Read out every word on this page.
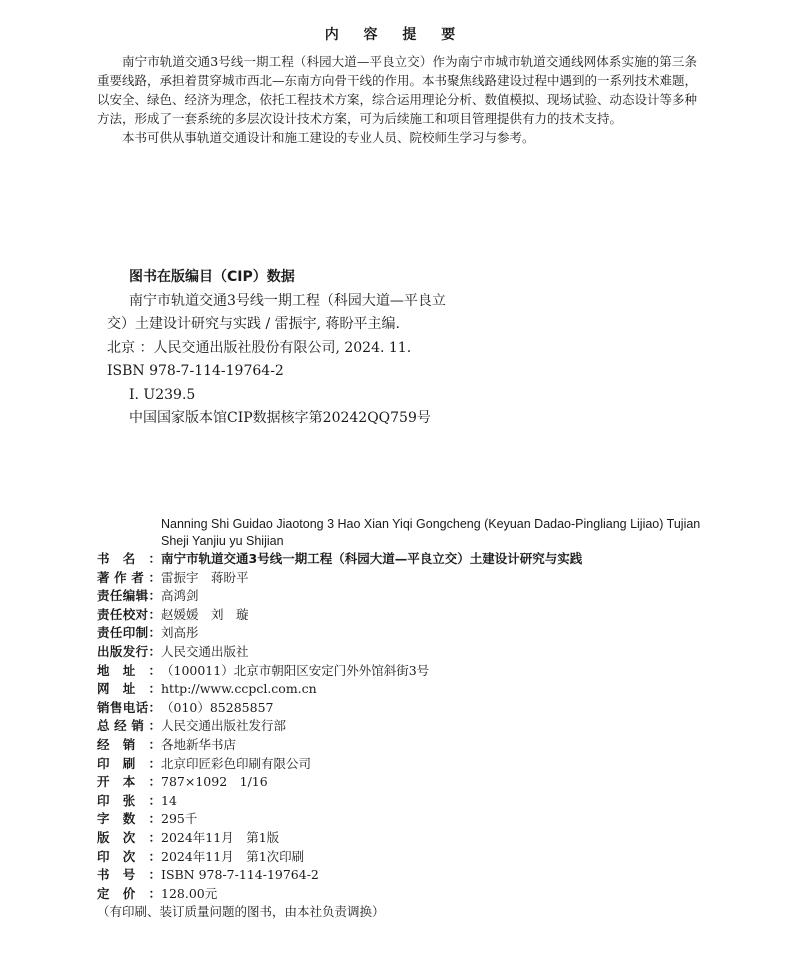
内 容 提 要

南宁市轨道交通3号线一期工程（科园大道—平良立交）作为南宁市城市轨道交通线网体系实施的第三条重要线路，承担着贯穿城市西北—东南方向骨干线的作用。本书聚焦线路建设过程中遇到的一系列技术难题，以安全、绿色、经济为理念，依托工程技术方案，综合运用理论分析、数值模拟、现场试验、动态设计等多种方法，形成了一套系统的多层次设计技术方案，可为后续施工和项目管理提供有力的技术支持。

本书可供从事轨道交通设计和施工建设的专业人员、院校师生学习与参考。

图书在版编目（CIP）数据
南宁市轨道交通3号线一期工程（科园大道—平良立
交）土建设计研究与实践 / 雷振宇, 蒋盼平主编.
北京 ：人民交通出版社股份有限公司, 2024. 11.
ISBN 978-7-114-19764-2
Ⅰ. U239.5
中国国家版本馆CIP数据核字第20242QQ759号
Nanning Shi Guidao Jiaotong 3 Hao Xian Yiqi Gongcheng (Keyuan Dadao-Pingliang Lijiao) Tujian Sheji Yanjiu yu Shijian
书 名 ： 南宁市轨道交通3号线一期工程（科园大道—平良立交）土建设计研究与实践
著 作 者 ： 雷振宇　蒋盼平
责 任 编 辑 ： 高鸿剑
责 任 校 对 ： 赵媛媛　刘　璇
责 任 印 制 ： 刘高彤
出 版 发 行 ： 人民交通出版社
地 址 ： （100011）北京市朝阳区安定门外外馆斜街3号
网 址 ： http://www.ccpcl.com.cn
销 售 电 话 ： （010）85285857
总 经 销 ： 人民交通出版社发行部
经 销 ： 各地新华书店
印 刷 ： 北京印匠彩色印刷有限公司
开 本 ： 787×1092　1/16
印 张 ： 14
字 数 ： 295千
版 次 ： 2024年11月　第1版
印 次 ： 2024年11月　第1次印刷
书 号 ： ISBN 978-7-114-19764-2
定 价 ： 128.00元
（有印刷、装订质量问题的图书，由本社负责调换）
